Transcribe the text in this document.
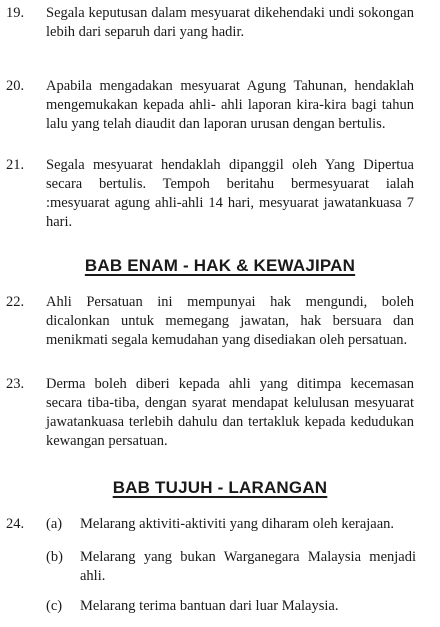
19. Segala keputusan dalam mesyuarat dikehendaki undi sokongan lebih dari separuh dari yang hadir.
20. Apabila mengadakan mesyuarat Agung Tahunan, hendaklah mengemukakan kepada ahli- ahli laporan kira-kira bagi tahun lalu yang telah diaudit dan laporan urusan dengan bertulis.
21. Segala mesyuarat hendaklah dipanggil oleh Yang Dipertua secara bertulis. Tempoh beritahu bermesyuarat ialah :mesyuarat agung ahli-ahli 14 hari, mesyuarat jawatankuasa 7 hari.
BAB ENAM - HAK & KEWAJIPAN
22. Ahli Persatuan ini mempunyai hak mengundi, boleh dicalonkan untuk memegang jawatan, hak bersuara dan menikmati segala kemudahan yang disediakan oleh persatuan.
23. Derma boleh diberi kepada ahli yang ditimpa kecemasan secara tiba-tiba, dengan syarat mendapat kelulusan mesyuarat jawatankuasa terlebih dahulu dan tertakluk kepada kedudukan kewangan persatuan.
BAB TUJUH - LARANGAN
24. (a) Melarang aktiviti-aktiviti yang diharam oleh kerajaan.
(b) Melarang yang bukan Warganegara Malaysia menjadi ahli.
(c) Melarang terima bantuan dari luar Malaysia.
